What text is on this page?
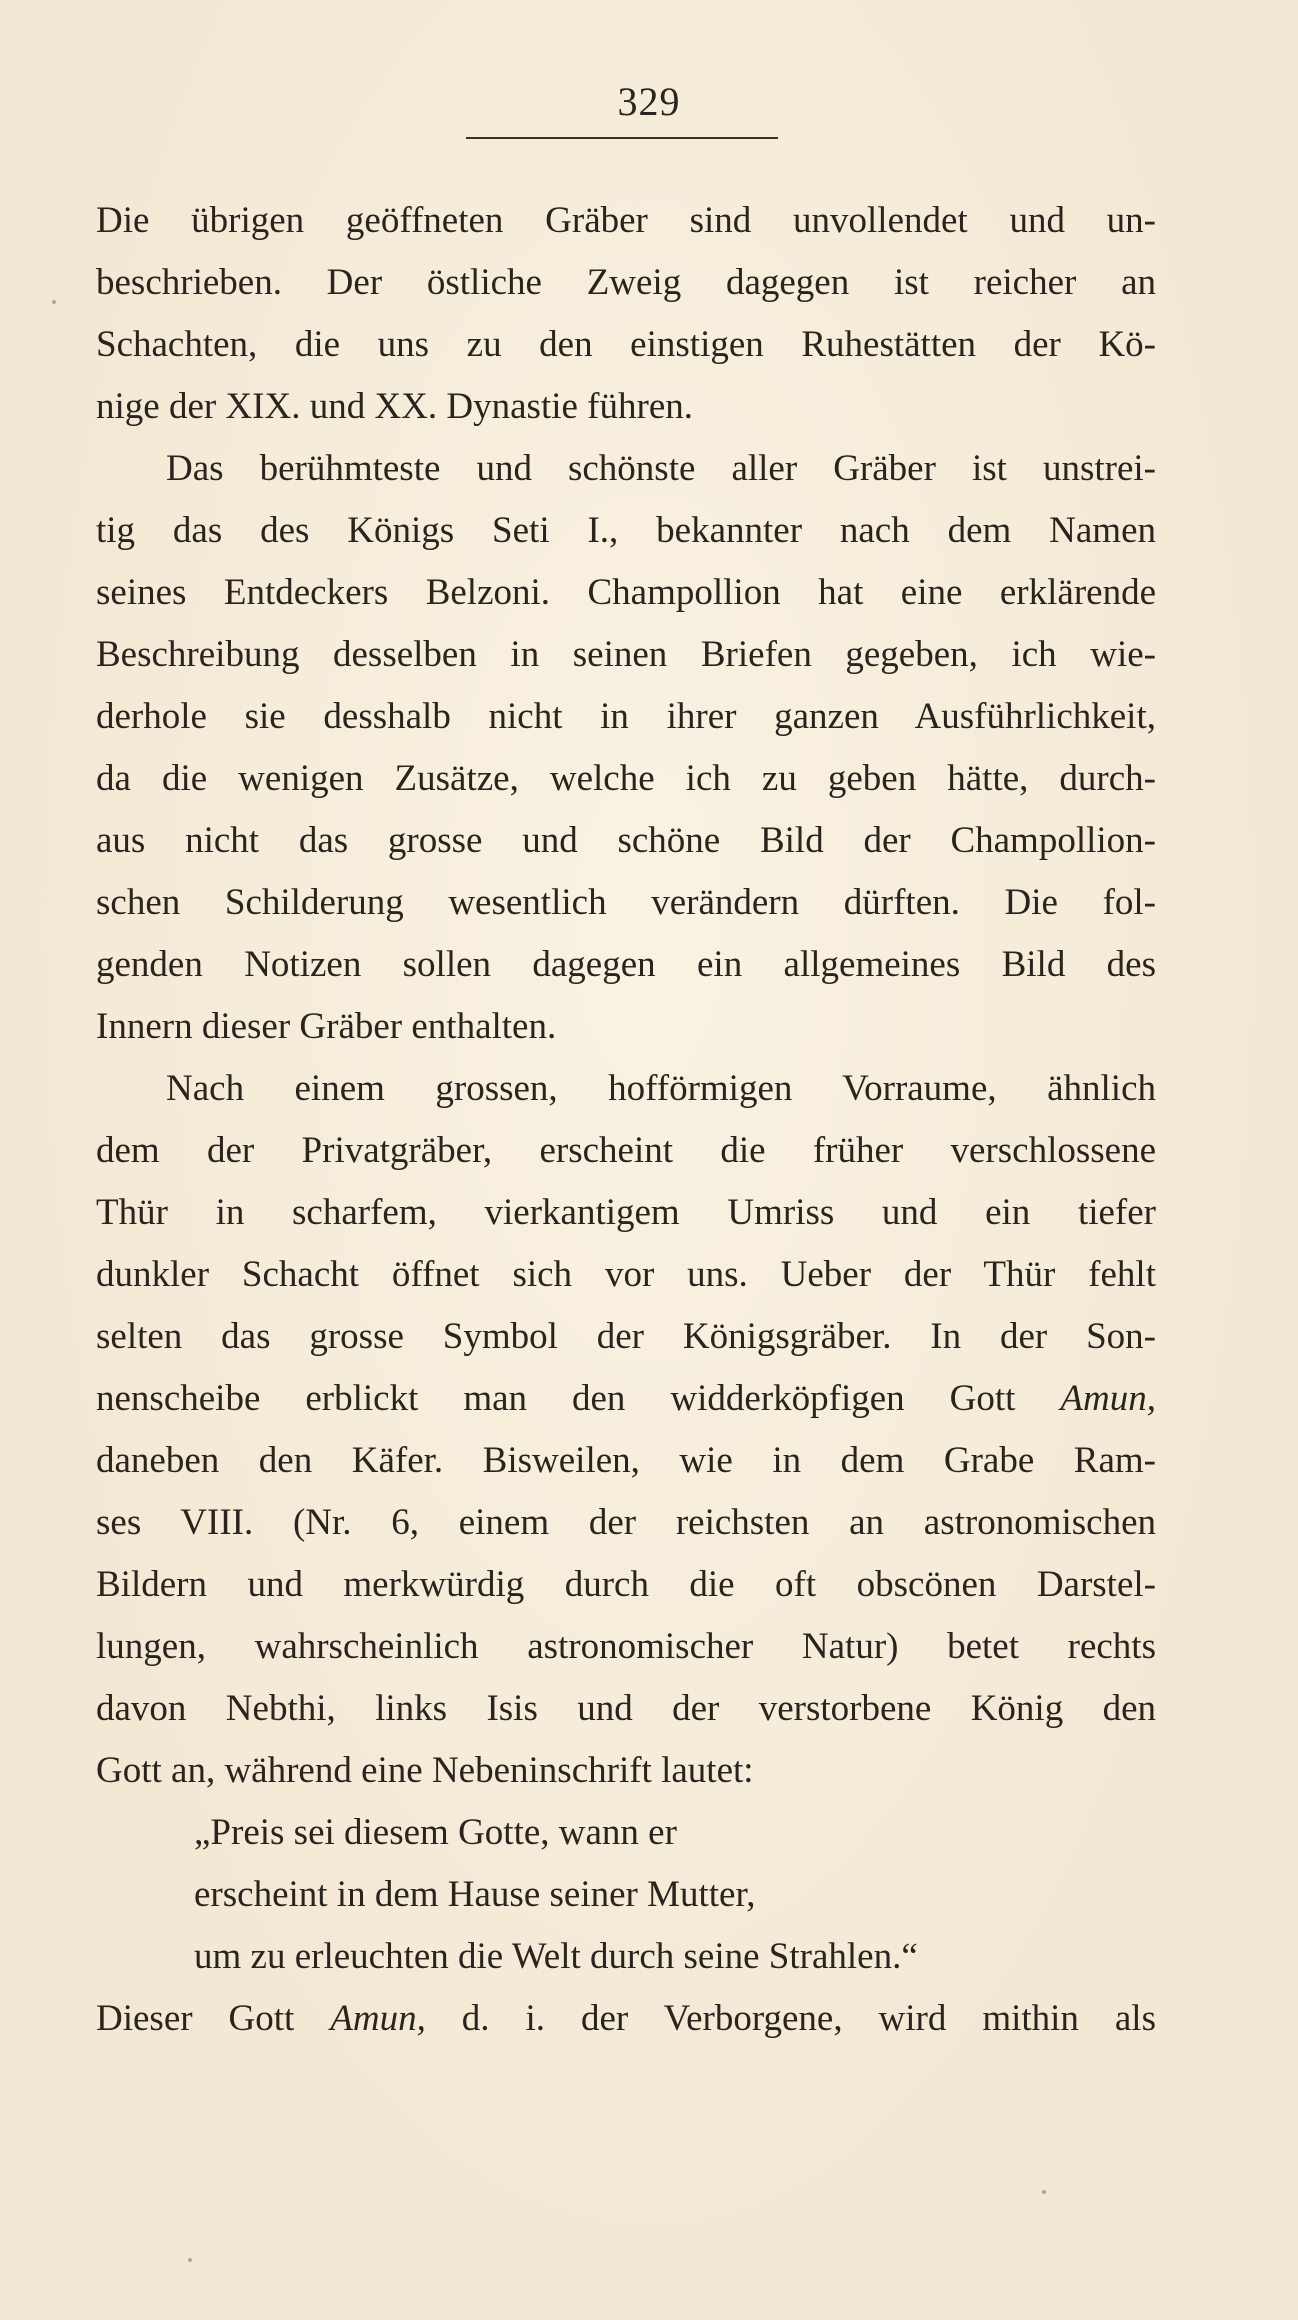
329
Die übrigen geöffneten Gräber sind unvollendet und un-
beschrieben. Der östliche Zweig dagegen ist reicher an
Schachten, die uns zu den einstigen Ruhestätten der Kö-
nige der XIX. und XX. Dynastie führen.
Das berühmteste und schönste aller Gräber ist unstrei-
tig das des Königs Seti I., bekannter nach dem Namen
seines Entdeckers Belzoni. Champollion hat eine erklärende
Beschreibung desselben in seinen Briefen gegeben, ich wie-
derhole sie desshalb nicht in ihrer ganzen Ausführlichkeit,
da die wenigen Zusätze, welche ich zu geben hätte, durch-
aus nicht das grosse und schöne Bild der Champollion-
schen Schilderung wesentlich verändern dürften. Die fol-
genden Notizen sollen dagegen ein allgemeines Bild des
Innern dieser Gräber enthalten.
Nach einem grossen, hofförmigen Vorraume, ähnlich
dem der Privatgräber, erscheint die früher verschlossene
Thür in scharfem, vierkantigem Umriss und ein tiefer
dunkler Schacht öffnet sich vor uns. Ueber der Thür fehlt
selten das grosse Symbol der Königsgräber. In der Son-
nenscheibe erblickt man den widderköpfigen Gott Amun,
daneben den Käfer. Bisweilen, wie in dem Grabe Ram-
ses VIII. (Nr. 6, einem der reichsten an astronomischen
Bildern und merkwürdig durch die oft obscönen Darstel-
lungen, wahrscheinlich astronomischer Natur) betet rechts
davon Nebthi, links Isis und der verstorbene König den
Gott an, während eine Nebeninschrift lautet:
„Preis sei diesem Gotte, wann er
erscheint in dem Hause seiner Mutter,
um zu erleuchten die Welt durch seine Strahlen.“
Dieser Gott Amun, d. i. der Verborgene, wird mithin als
